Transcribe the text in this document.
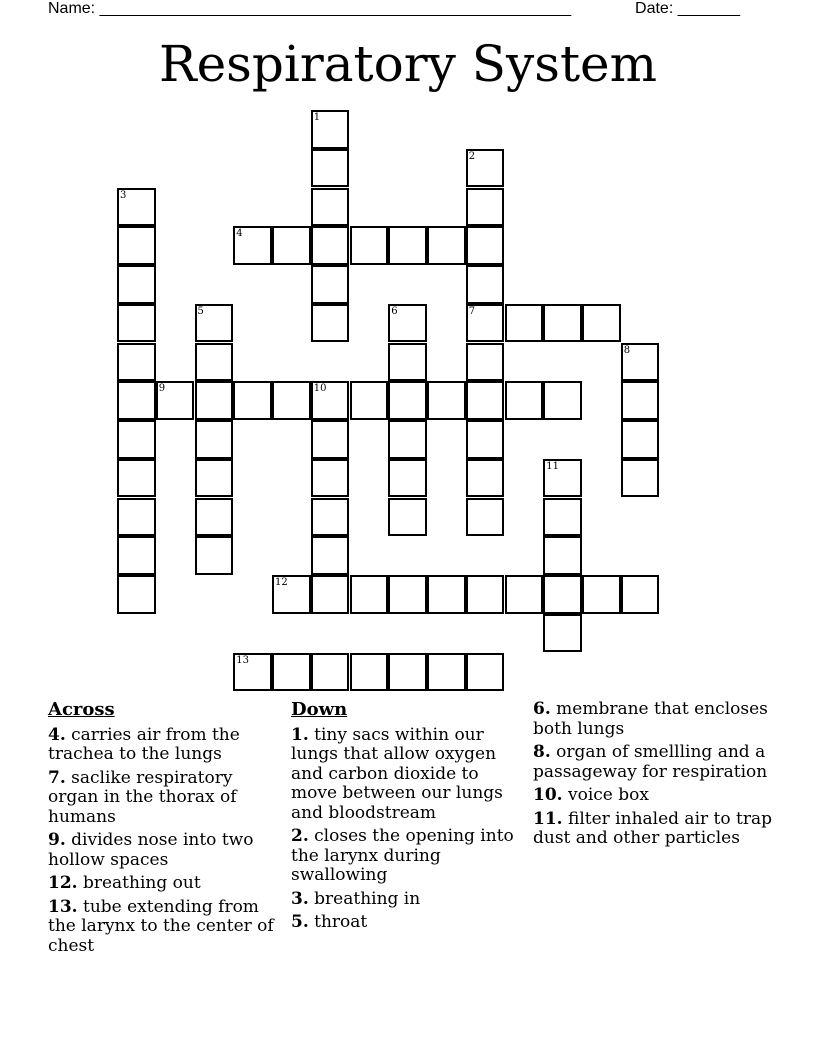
Name: _____________________________________________________	Date: _______
Respiratory System
1
2
7
3
4
5	6
8
9	10
11
12
13
Across
4. carries air from the trachea to the lungs
7. saclike respiratory organ in the thorax of humans
9. divides nose into two hollow spaces
12. breathing out
13. tube extending from the larynx to the center of chest
Down
1. tiny sacs within our lungs that allow oxygen and carbon dioxide to move between our lungs and bloodstream
2. closes the opening into the larynx during swallowing
3. breathing in
5. throat
6. membrane that encloses both lungs
8. organ of smellling and a passageway for respiration
10. voice box
11. filter inhaled air to trap dust and other particles
